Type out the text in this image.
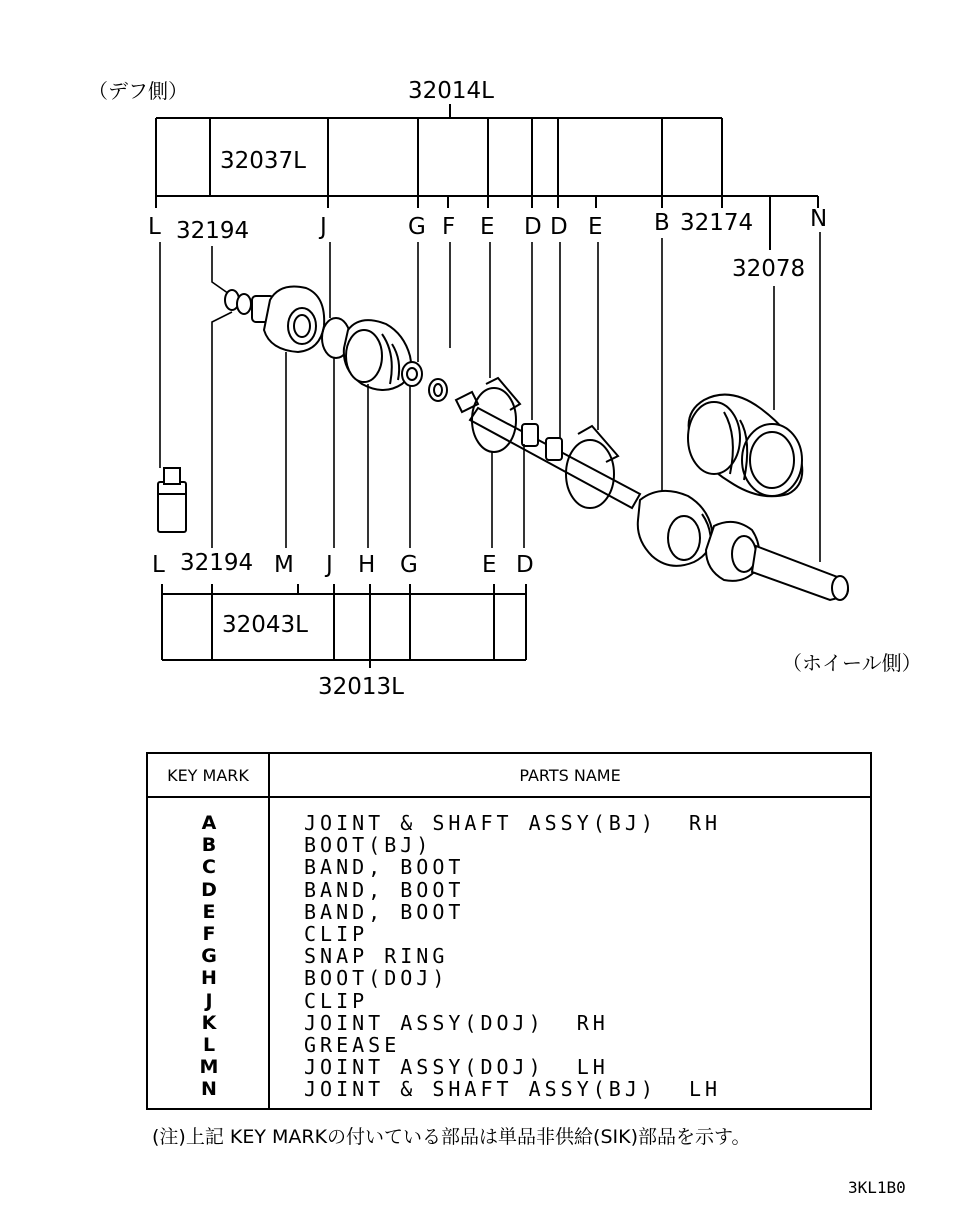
（デフ側）
（ホイール側）
32014L
32037L
32078
L 32194	J	G F E D D E B 32174 N
L 32194 M J H G	E D
32043L
32013L
KEY MARK	PARTS NAME
A	JOINT & SHAFT ASSY(BJ)  RH
B	BOOT(BJ)
C	BAND, BOOT
D	BAND, BOOT
E	BAND, BOOT
F	CLIP
G	SNAP RING
H	BOOT(DOJ)
J	CLIP
K	JOINT ASSY(DOJ)  RH
L	GREASE
M	JOINT ASSY(DOJ)  LH
N	JOINT & SHAFT ASSY(BJ)  LH
(注)上記 KEY MARKの付いている部品は単品非供給(SIK)部品を示す。
3KL1B0
